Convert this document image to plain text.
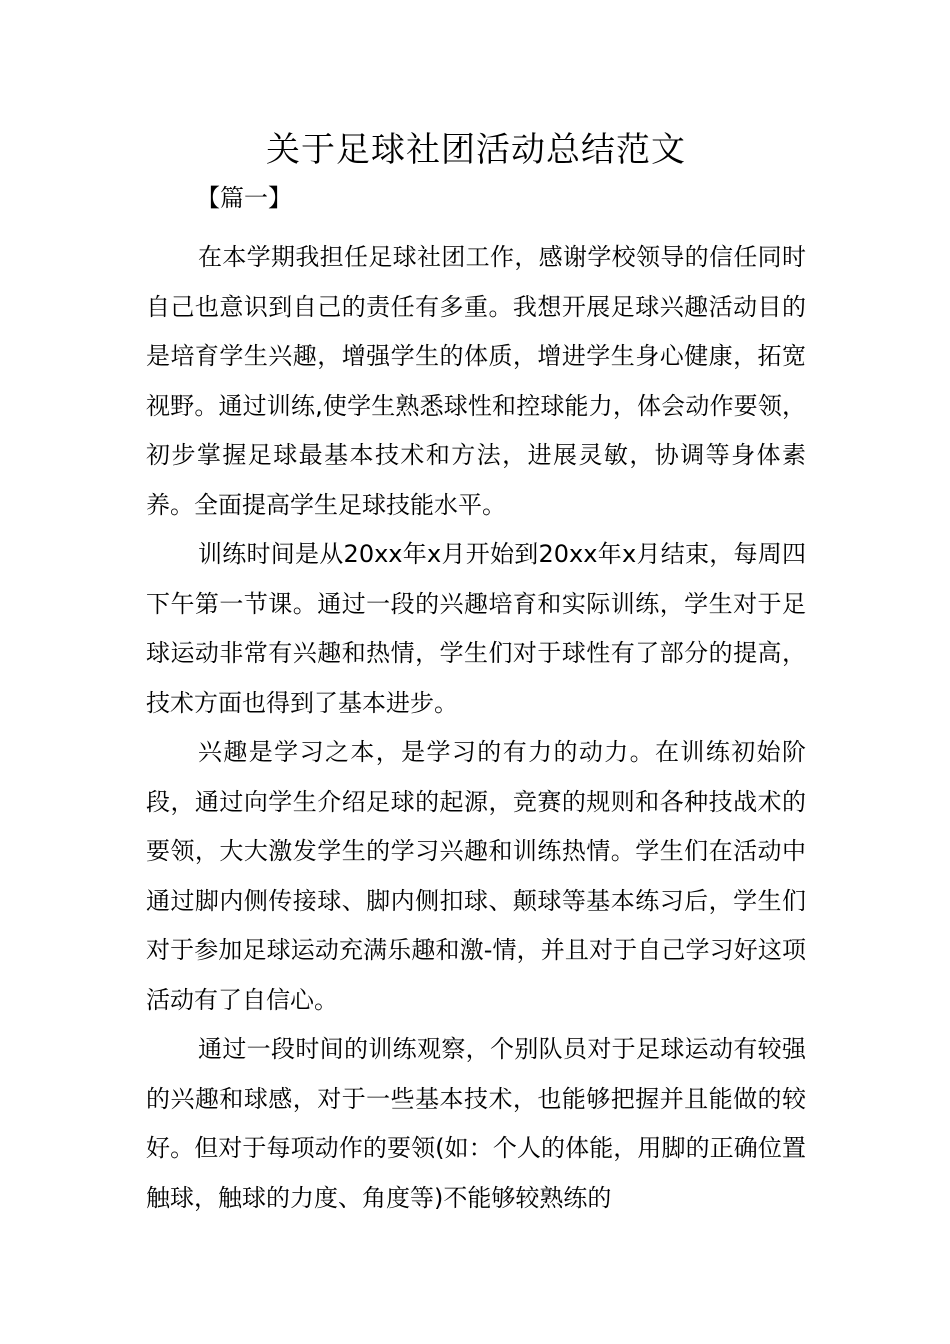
关于足球社团活动总结范文
【篇一】

在本学期我担任足球社团工作，感谢学校领导的信任同时自己也意识到自己的责任有多重。我想开展足球兴趣活动目的是培育学生兴趣，增强学生的体质，增进学生身心健康，拓宽视野。通过训练,使学生熟悉球性和控球能力，体会动作要领，初步掌握足球最基本技术和方法，进展灵敏，协调等身体素养。全面提高学生足球技能水平。

训练时间是从20xx年x月开始到20xx年x月结束，每周四下午第一节课。通过一段的兴趣培育和实际训练，学生对于足球运动非常有兴趣和热情，学生们对于球性有了部分的提高，技术方面也得到了基本进步。

兴趣是学习之本，是学习的有力的动力。在训练初始阶段，通过向学生介绍足球的起源，竞赛的规则和各种技战术的要领，大大激发学生的学习兴趣和训练热情。学生们在活动中通过脚内侧传接球、脚内侧扣球、颠球等基本练习后，学生们对于参加足球运动充满乐趣和激-情，并且对于自己学习好这项活动有了自信心。

通过一段时间的训练观察，个别队员对于足球运动有较强的兴趣和球感，对于一些基本技术，也能够把握并且能做的较好。但对于每项动作的要领(如：个人的体能，用脚的正确位置触球，触球的力度、角度等)不能够较熟练的
